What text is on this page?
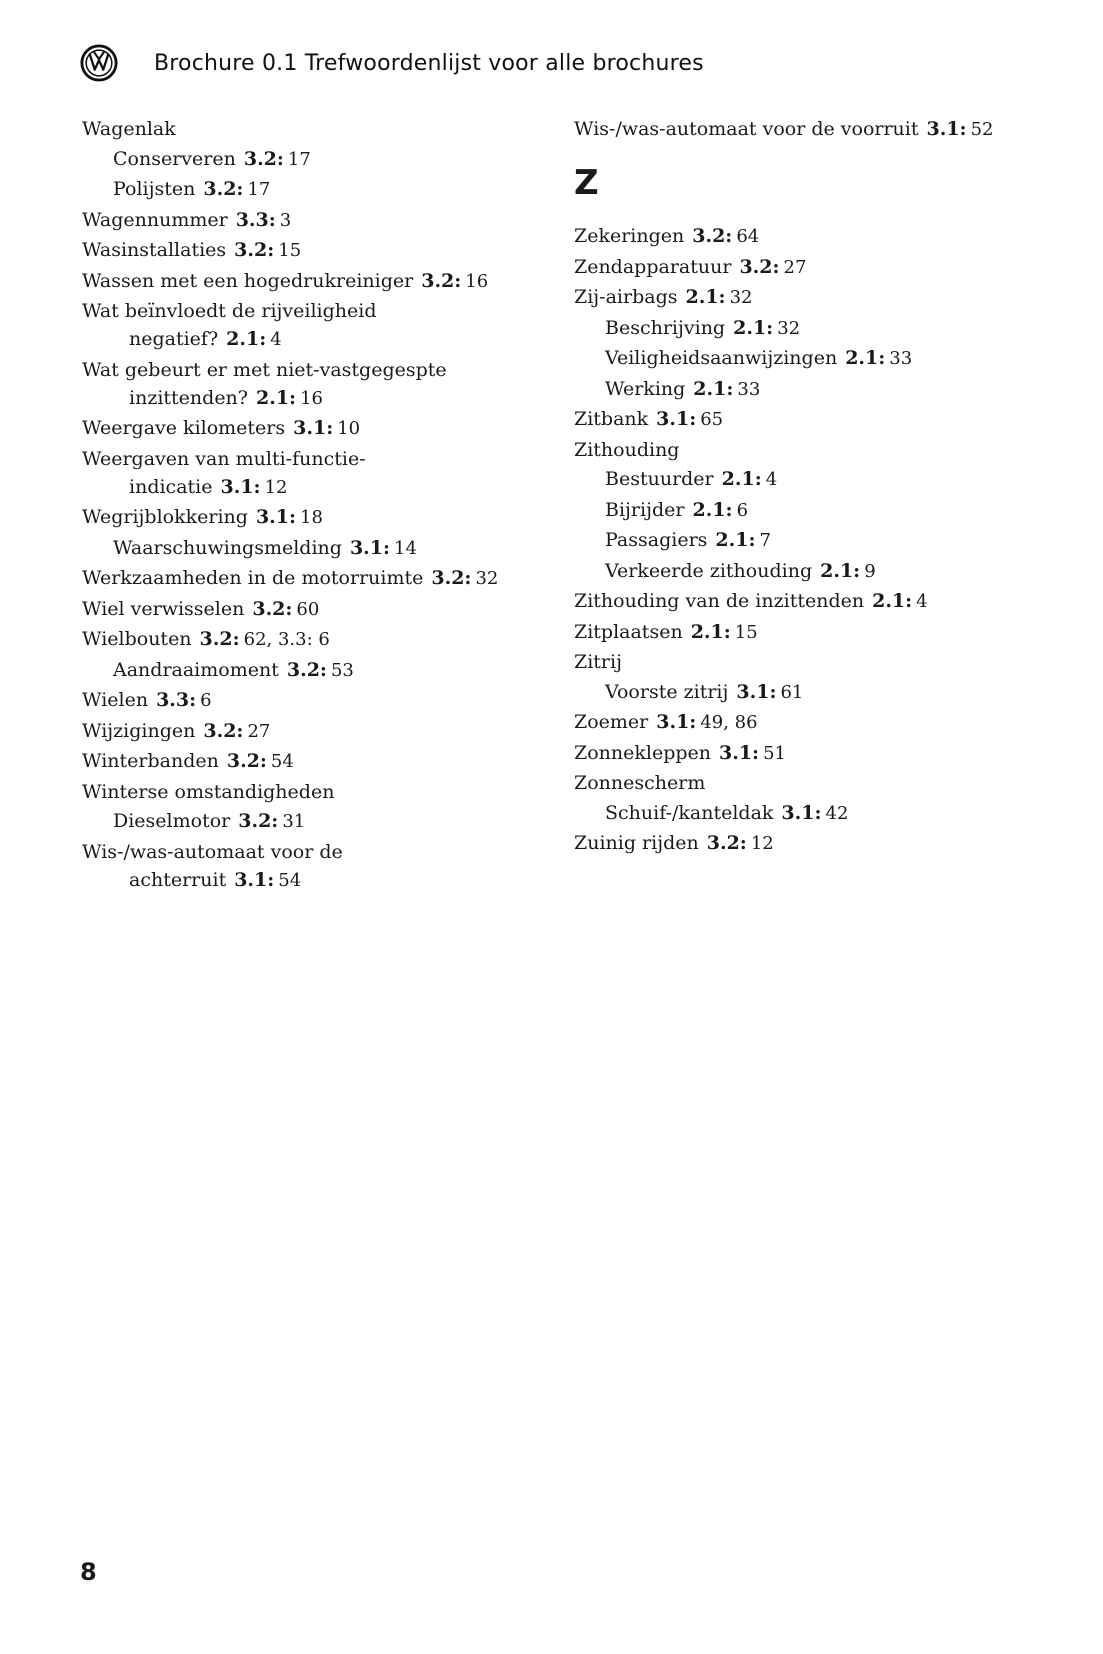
Brochure 0.1 Trefwoordenlijst voor alle brochures
Wagenlak
Conserveren 3.2: 17
Polijsten 3.2: 17
Wagennummer 3.3: 3
Wasinstallaties 3.2: 15
Wassen met een hogedrukreiniger 3.2: 16
Wat beïnvloedt de rijveiligheid
negatief? 2.1: 4
Wat gebeurt er met niet-vastgegespte
inzittenden? 2.1: 16
Weergave kilometers 3.1: 10
Weergaven van multi-functie-
indicatie 3.1: 12
Wegrijblokkering 3.1: 18
Waarschuwingsmelding 3.1: 14
Werkzaamheden in de motorruimte 3.2: 32
Wiel verwisselen 3.2: 60
Wielbouten 3.2: 62, 3.3: 6
Aandraaimoment 3.2: 53
Wielen 3.3: 6
Wijzigingen 3.2: 27
Winterbanden 3.2: 54
Winterse omstandigheden
Dieselmotor 3.2: 31
Wis-/was-automaat voor de
achterruit 3.1: 54
Wis-/was-automaat voor de voorruit 3.1: 52
Z
Zekeringen 3.2: 64
Zendapparatuur 3.2: 27
Zij-airbags 2.1: 32
Beschrijving 2.1: 32
Veiligheidsaanwijzingen 2.1: 33
Werking 2.1: 33
Zitbank 3.1: 65
Zithouding
Bestuurder 2.1: 4
Bijrijder 2.1: 6
Passagiers 2.1: 7
Verkeerde zithouding 2.1: 9
Zithouding van de inzittenden 2.1: 4
Zitplaatsen 2.1: 15
Zitrij
Voorste zitrij 3.1: 61
Zoemer 3.1: 49, 86
Zonnekleppen 3.1: 51
Zonnescherm
Schuif-/kanteldak 3.1: 42
Zuinig rijden 3.2: 12
8
